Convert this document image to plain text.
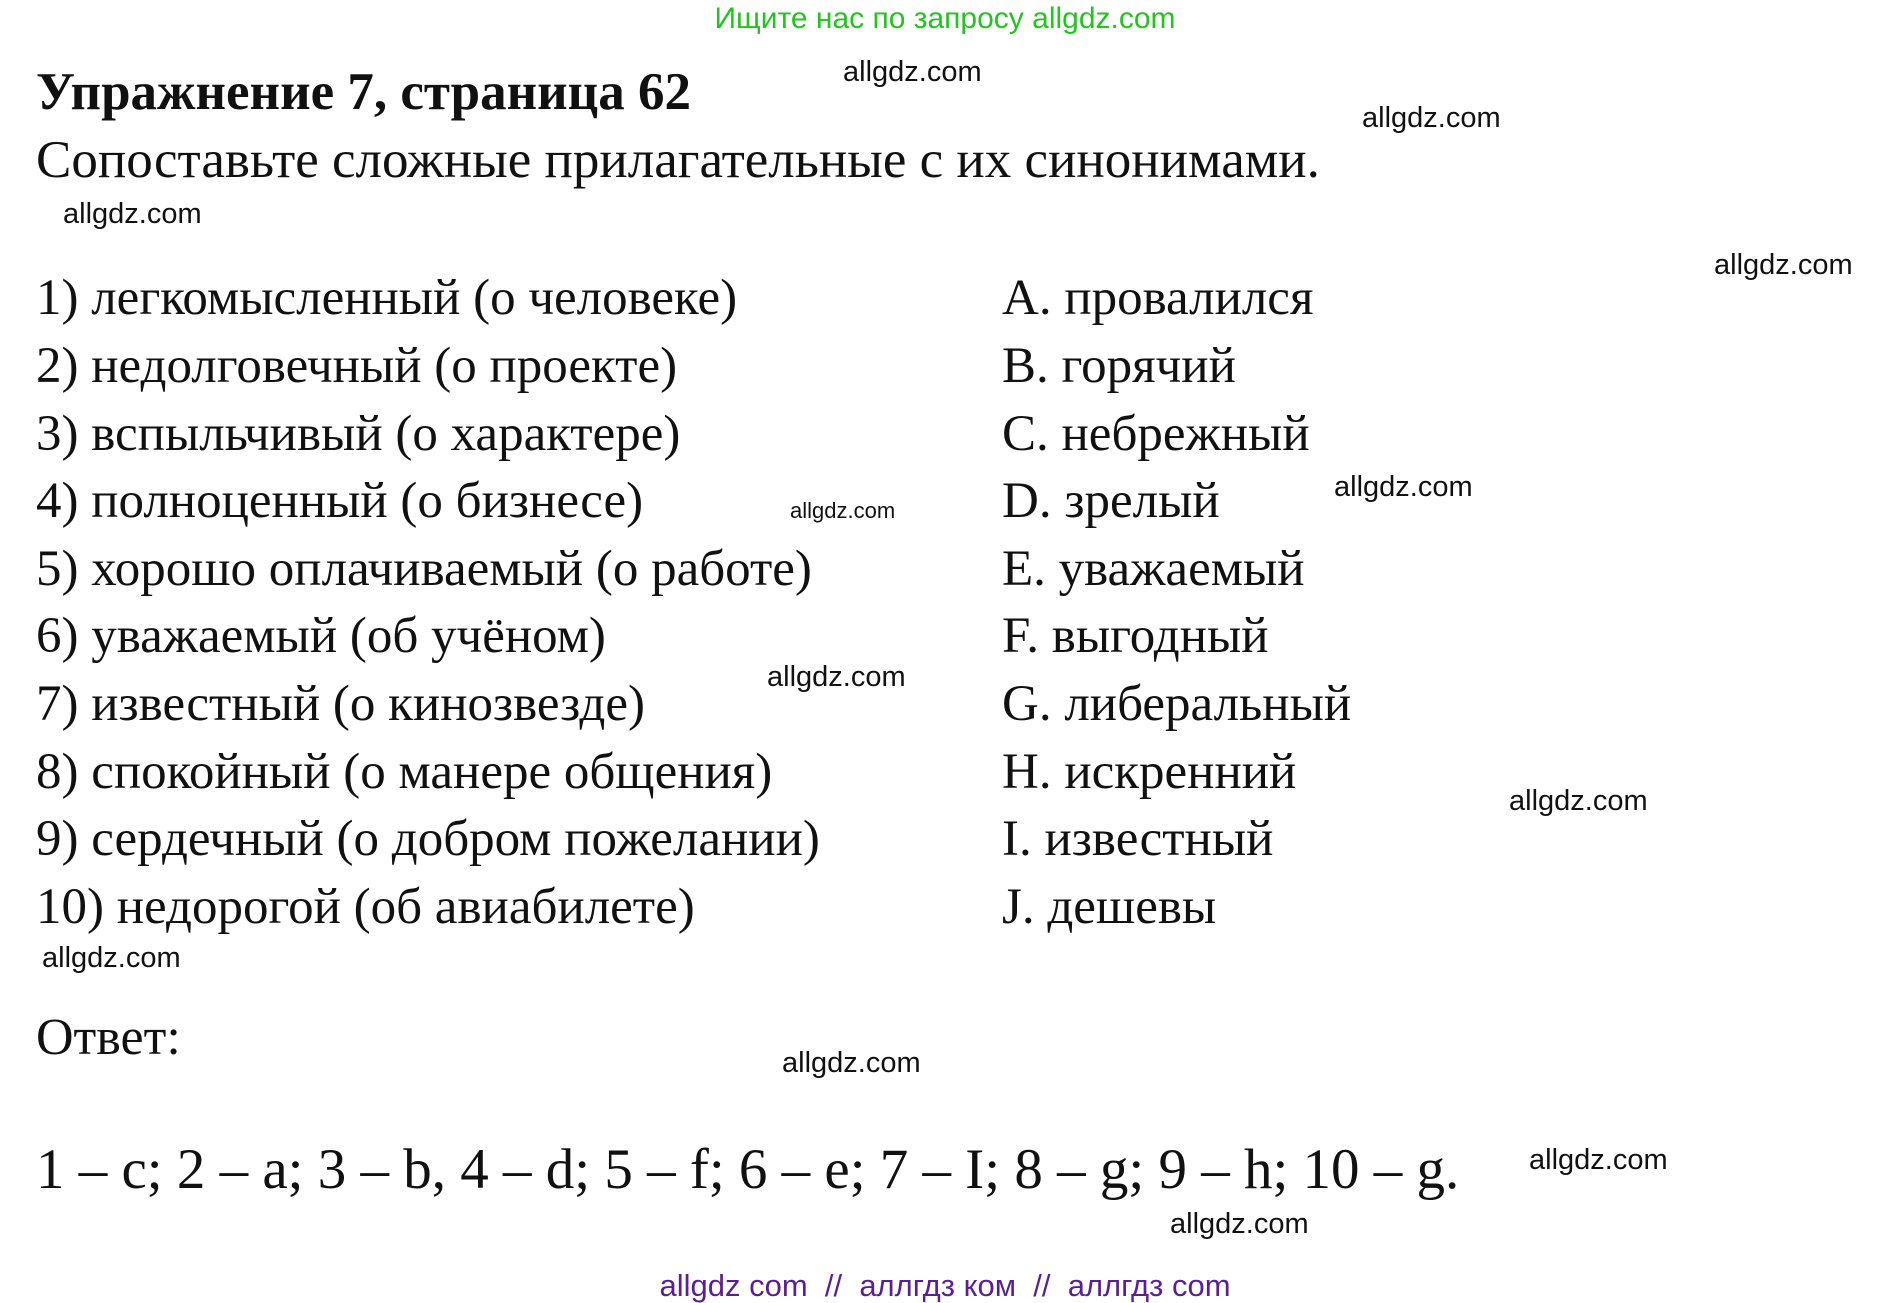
Ищите нас по запросу allgdz.com
Упражнение 7, страница 62
Сопоставьте сложные прилагательные с их синонимами.
1) легкомысленный (о человеке)
2) недолговечный (о проекте)
3) вспыльчивый (о характере)
4) полноценный (о бизнесе)
5) хорошо оплачиваемый (о работе)
6) уважаемый (об учёном)
7) известный (о кинозвезде)
8) спокойный (о манере общения)
9) сердечный (о добром пожелании)
10) недорогой (об авиабилете)
A. провалился
B. горячий
C. небрежный
D. зрелый
E. уважаемый
F. выгодный
G. либеральный
H. искренний
I. известный
J. дешевы
Ответ:
1 – c; 2 – a; 3 – b, 4 – d; 5 – f; 6 – e; 7 – I; 8 – g; 9 – h; 10 – g.
allgdz.com
allgdz.com
allgdz.com
allgdz.com
allgdz.com
allgdz.com
allgdz.com
allgdz.com
allgdz.com
allgdz.com
allgdz.com
allgdz.com
allgdz com  //  аллгдз ком  //  аллгдз com
